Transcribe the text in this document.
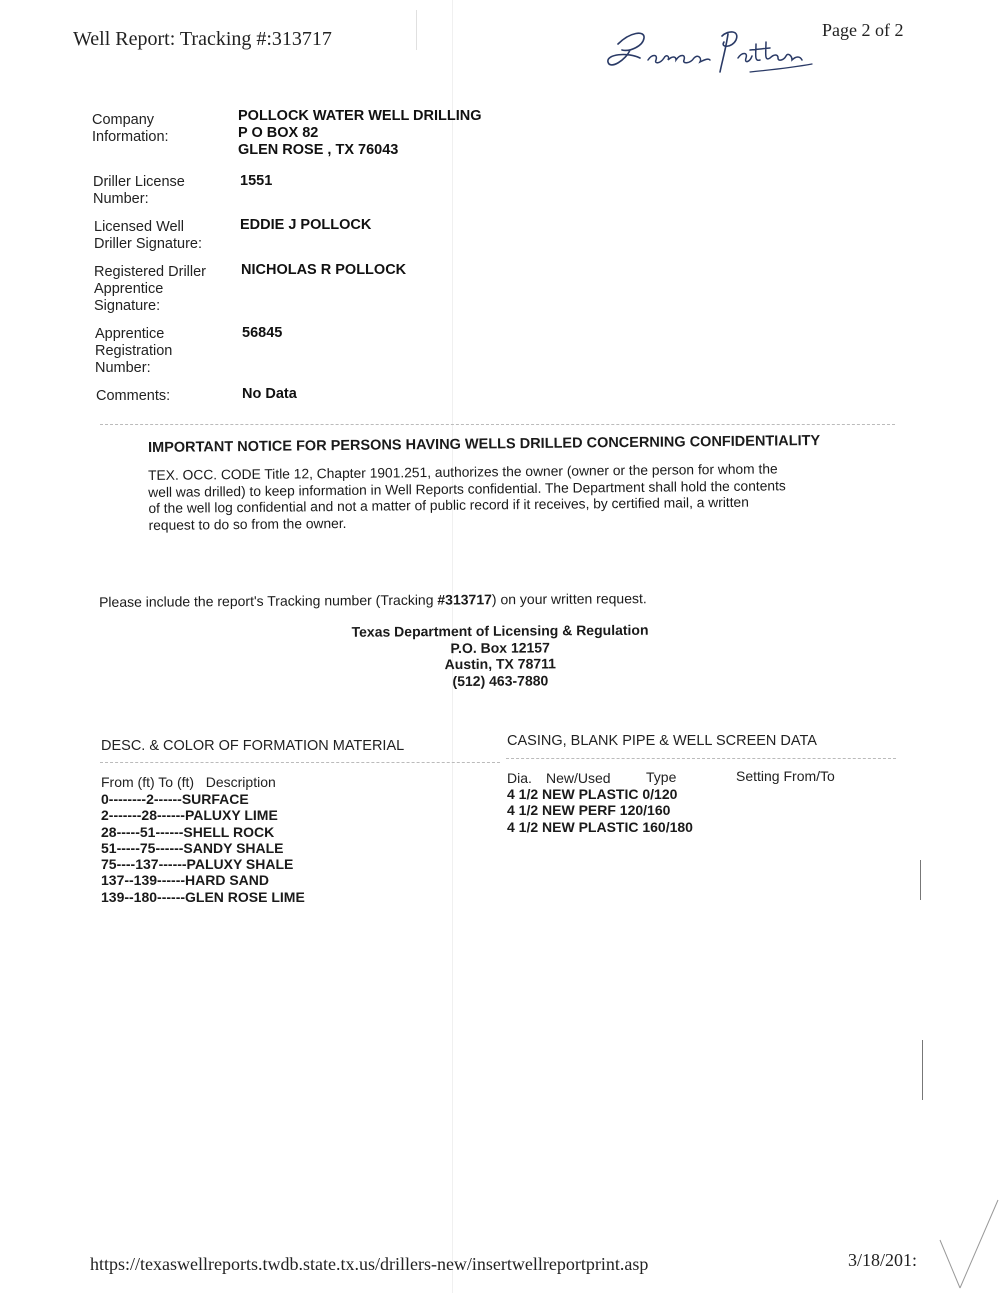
Well Report: Tracking #:313717	Page 2 of 2
Company
Information:
POLLOCK WATER WELL DRILLING
P O BOX 82
GLEN ROSE , TX 76043
Driller License
Number:
1551
Licensed Well
Driller Signature:
EDDIE J POLLOCK
Registered Driller
Apprentice
Signature:
NICHOLAS R POLLOCK
Apprentice
Registration
Number:
56845
Comments:	No Data
IMPORTANT NOTICE FOR PERSONS HAVING WELLS DRILLED CONCERNING CONFIDENTIALITY
TEX. OCC. CODE Title 12, Chapter 1901.251, authorizes the owner (owner or the person for whom the
well was drilled) to keep information in Well Reports confidential. The Department shall hold the contents
of the well log confidential and not a matter of public record if it receives, by certified mail, a written
request to do so from the owner.
Please include the report's Tracking number (Tracking #313717) on your written request.
Texas Department of Licensing & Regulation
P.O. Box 12157
Austin, TX 78711
(512) 463-7880
DESC. & COLOR OF FORMATION MATERIAL
From (ft) To (ft)   Description
0--------2------SURFACE
2-------28------PALUXY LIME
28-----51------SHELL ROCK
51-----75------SANDY SHALE
75----137------PALUXY SHALE
137--139------HARD SAND
139--180------GLEN ROSE LIME
CASING, BLANK PIPE & WELL SCREEN DATA
Dia. New/Used	Type	Setting From/To
4 1/2 NEW PLASTIC 0/120
4 1/2 NEW PERF 120/160
4 1/2 NEW PLASTIC 160/180
https://texaswellreports.twdb.state.tx.us/drillers-new/insertwellreportprint.asp	3/18/201:
